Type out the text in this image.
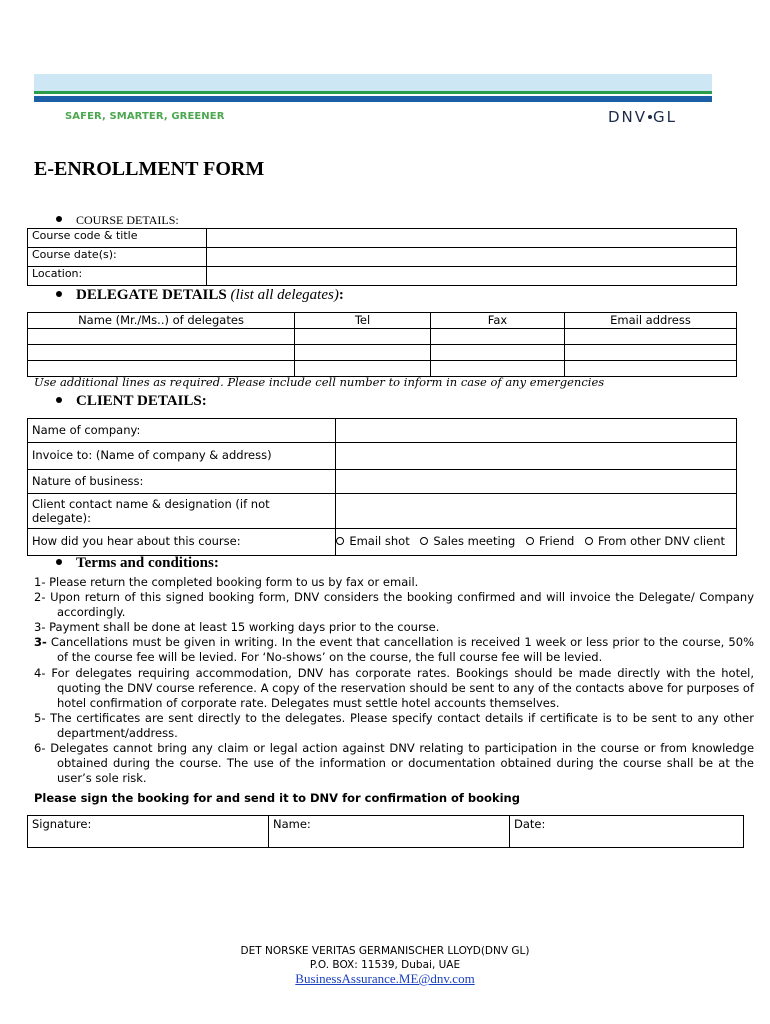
SAFER, SMARTER, GREENER	DNV GL
E-ENROLLMENT FORM
COURSE DETAILS:
Course code & title	
Course date(s):	
Location:	
DELEGATE DETAILS (list all delegates):
Name (Mr./Ms..) of delegates	Tel	Fax	Email address

Use additional lines as required. Please include cell number to inform in case of any emergencies
CLIENT DETAILS:
Name of company:	
Invoice to: (Name of company & address)	
Nature of business:	
Client contact name & designation (if not delegate):	
How did you hear about this course:	Email shot Sales meeting Friend From other DNV client
Terms and conditions:
1- Please return the completed booking form to us by fax or email.
2- Upon return of this signed booking form, DNV considers the booking confirmed and will invoice the Delegate/ Company accordingly.
3- Payment shall be done at least 15 working days prior to the course.
3- Cancellations must be given in writing. In the event that cancellation is received 1 week or less prior to the course, 50% of the course fee will be levied. For ‘No-shows’ on the course, the full course fee will be levied.
4- For delegates requiring accommodation, DNV has corporate rates. Bookings should be made directly with the hotel, quoting the DNV course reference. A copy of the reservation should be sent to any of the contacts above for purposes of hotel confirmation of corporate rate. Delegates must settle hotel accounts themselves.
5- The certificates are sent directly to the delegates. Please specify contact details if certificate is to be sent to any other department/address.
6- Delegates cannot bring any claim or legal action against DNV relating to participation in the course or from knowledge obtained during the course. The use of the information or documentation obtained during the course shall be at the user’s sole risk.
Please sign the booking for and send it to DNV for confirmation of booking
Signature:	Name:	Date:
DET NORSKE VERITAS GERMANISCHER LLOYD(DNV GL)
P.O. BOX: 11539, Dubai, UAE
BusinessAssurance.ME@dnv.com
